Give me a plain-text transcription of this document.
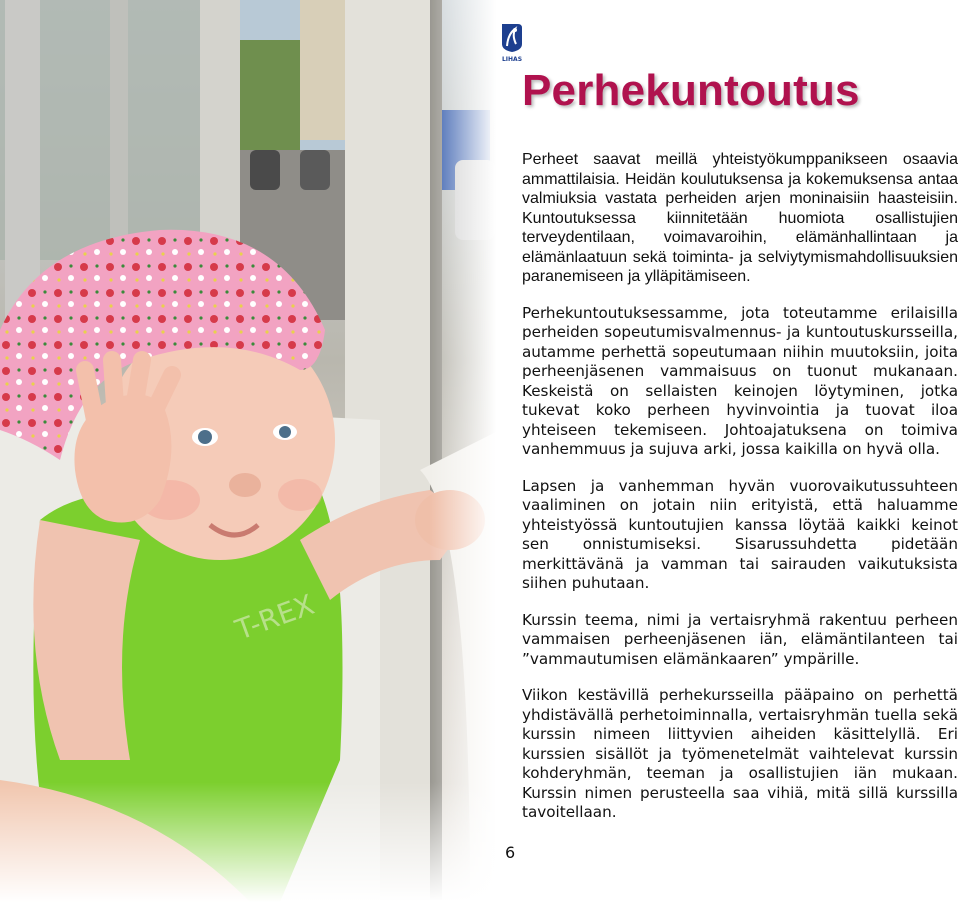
T-REX
LIHAS
Perhekuntoutus

Perheet saavat meillä yhteistyökumppanikseen osaavia ammattilaisia. Heidän koulutuksensa ja kokemuksensa antaa valmiuksia vastata perheiden arjen moninaisiin haasteisiin. Kuntoutuksessa kiinnitetään huomiota osallistujien terveydentilaan, voimavaroihin, elämänhallintaan ja elämänlaatuun sekä toiminta- ja selviytymismahdollisuuksien paranemiseen ja ylläpitämiseen.

Perhekuntoutuksessamme, jota toteutamme erilaisilla perheiden sopeutumisvalmennus- ja kuntoutuskursseilla, autamme perhettä sopeutumaan niihin muutoksiin, joita perheenjäsenen vammaisuus on tuonut mukanaan. Keskeistä on sellaisten keinojen löytyminen, jotka tukevat koko perheen hyvinvointia ja tuovat iloa yhteiseen tekemiseen. Johtoajatuksena on toimiva vanhemmuus ja sujuva arki, jossa kaikilla on hyvä olla.

Lapsen ja vanhemman hyvän vuorovaikutussuhteen vaaliminen on jotain niin erityistä, että haluamme yhteistyössä kuntoutujien kanssa löytää kaikki keinot sen onnistumiseksi. Sisarussuhdetta pidetään merkittävänä ja vamman tai sairauden vaikutuksista siihen puhutaan.

Kurssin teema, nimi ja vertaisryhmä rakentuu perheen vammaisen perheenjäsenen iän, elämäntilanteen tai ”vammautumisen elämänkaaren” ympärille.

Viikon kestävillä perhekursseilla pääpaino on perhettä yhdistävällä perhetoiminnalla, vertaisryhmän tuella sekä kurssin nimeen liittyvien aiheiden käsittelyllä. Eri kurssien sisällöt ja työmenetelmät vaihtelevat kurssin kohderyhmän, teeman ja osallistujien iän mukaan. Kurssin nimen perusteella saa vihiä, mitä sillä kurssilla tavoitellaan.

6
